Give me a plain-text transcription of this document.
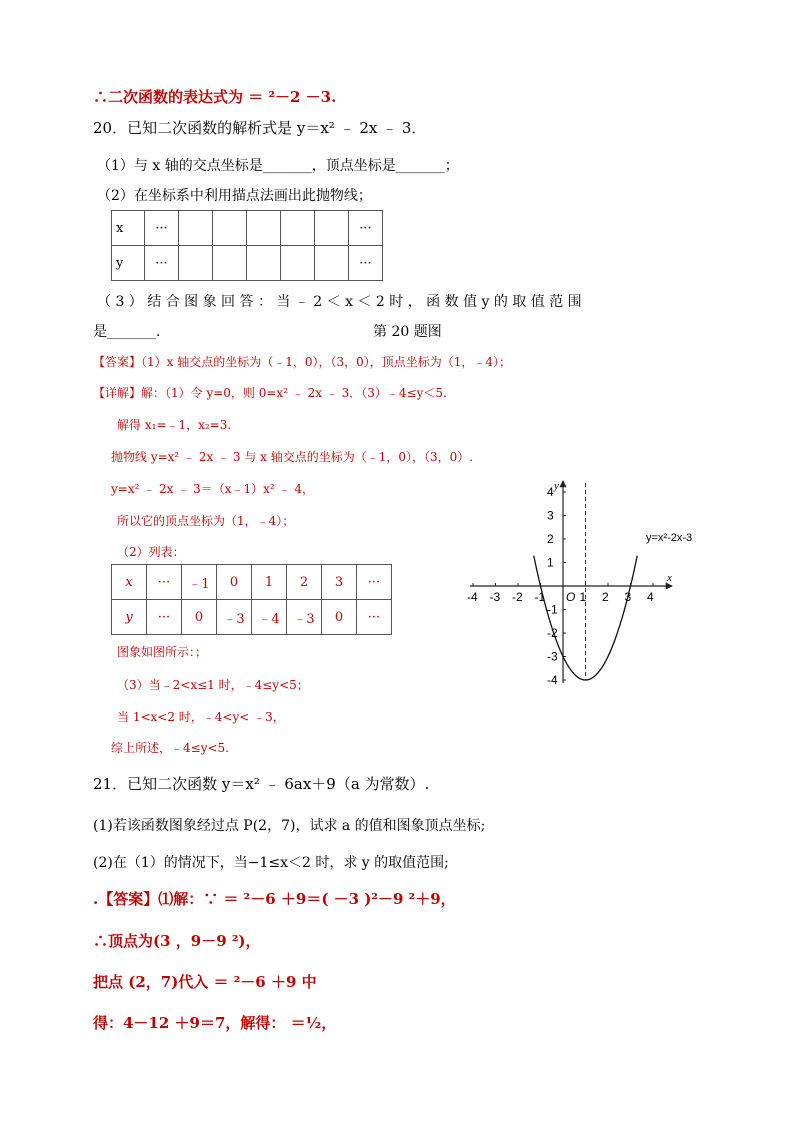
∴二次函数的表达式为 ＝ ²－2 －3.
20．已知二次函数的解析式是 y＝x² ﹣ 2x ﹣ 3．
（1）与 x 轴的交点坐标是_______，顶点坐标是_______；
（2）在坐标系中利用描点法画出此抛物线；
x	···						···
y	···						···
（ 3 ） 结 合 图 象 回 答 ： 当 ﹣ 2 ＜ x ＜ 2 时 ， 函 数 值 y 的 取 值 范 围
是_______．	第 20 题图
【答案】（1）x 轴交点的坐标为（﹣1，0），（3，0），顶点坐标为（1，﹣4）；
【详解】解：（1）令 y=0，则 0=x² ﹣ 2x ﹣ 3．（3）﹣4≤y＜5.
解得 x₁=﹣1，x₂=3.
抛物线 y=x² ﹣ 2x ﹣ 3 与 x 轴交点的坐标为（﹣1，0），（3，0）.
y=x² ﹣ 2x ﹣ 3＝（x﹣1）x² ﹣ 4，
所以它的顶点坐标为（1，﹣4）；
（2）列表：
x	···	﹣1	0	1	2	3	···
y	···	0	﹣3	﹣4	﹣3	0	···
图象如图所示：；
（3）当﹣2<x≤1 时，﹣4≤y<5；
当 1<x<2 时，﹣4<y< ﹣3，
综上所述，﹣4≤y<5.
21．已知二次函数 y＝x² ﹣ 6ax＋9（a 为常数）.
(1)若该函数图象经过点 P(2，7)，试求 a 的值和图象顶点坐标;
(2)在（1）的情况下，当−1≤x＜2 时，求 y 的取值范围;
.【答案】⑴解：∵ ＝ ²－6 ＋9＝( －3 )²－9 ²＋9，
∴顶点为(3 ，9－9 ²)，
把点 (2，7)代入 ＝ ²－6 ＋9 中
得：4－12 ＋9＝7，解得： ＝½，
x
y
-4 -3 -2 -1 O 1 2 3 4
4
3
2
1
-1
-2
-3
-4
y=x²-2x-3
